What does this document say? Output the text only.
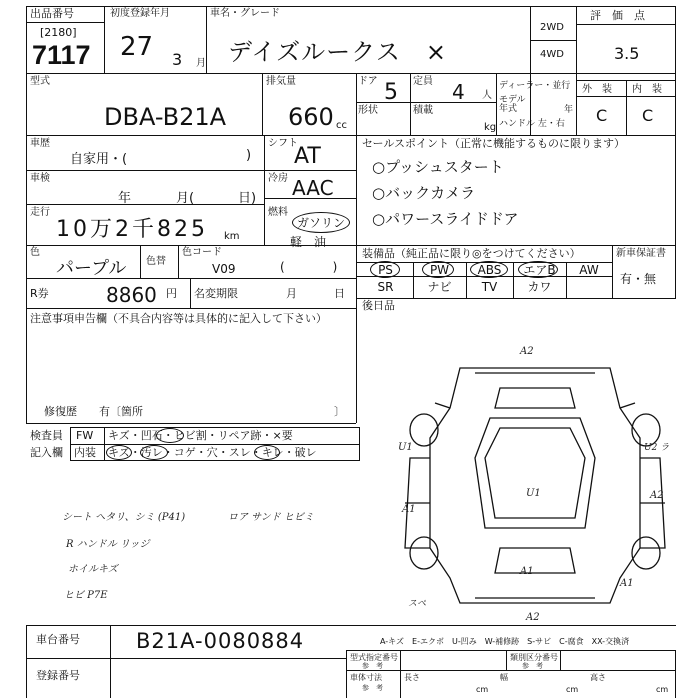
出品番号
[2180]
7117
初度登録年月
27 3 月
車名・グレード
デイズルークス　×
2WD
4WD
評　価　点
3.5
型式
DBA-B21A
排気量
660 cc
ドア 5 定員 4 人
形状	積載
kg
ディーラー・並行
モデル年式	年
ハンドル 左・右
外　装 内　装
C C
車歴
自家用・(	)
車検
年	月(	日)
走行
10万2千825 km
色
パープル 色替
色コード
V09
R券	8860 円 名変期限	月	日
シフト
AT
冷房 AAC
燃料
ガソリン
軽　油
(　　　　)
セールスポイント（正常に機能するものに限ります）
○プッシュスタート
○バックカメラ
○パワースライドドア
装備品（純正品に限り◎をつけてください）	新車保証書
有・無
PS	PW	ABS	エアB	AW
SR	ナビ	TV	カワ
後日品
注意事項申告欄（不具合内容等は具体的に記入して下さい）
修復歴　　有〔箇所	〕
検査員
記入欄
FW キズ・凹石・ヒビ割・リペア跡・×要
内装 キズ・汚レ・コゲ・穴・スレ・キレ・破レ
シート ヘタリ、シミ (P41)	ロア サンド ヒビミ
R ハンドル リッジ
ホイルキズ
ヒビ P7E
A2
U1	U2 ラ
A1
U1
A1
A2
A1
スペ
A2
A-キズ　E-エクボ　U-凹み　W-補修跡　S-サビ　C-腐食　XX-交換済
車台番号	B21A-0080884
登録番号
型式指定番号
参　考
類別区分番号
参　考
車体寸法
参　考
長さ
cm
幅
cm
高さ
cm
